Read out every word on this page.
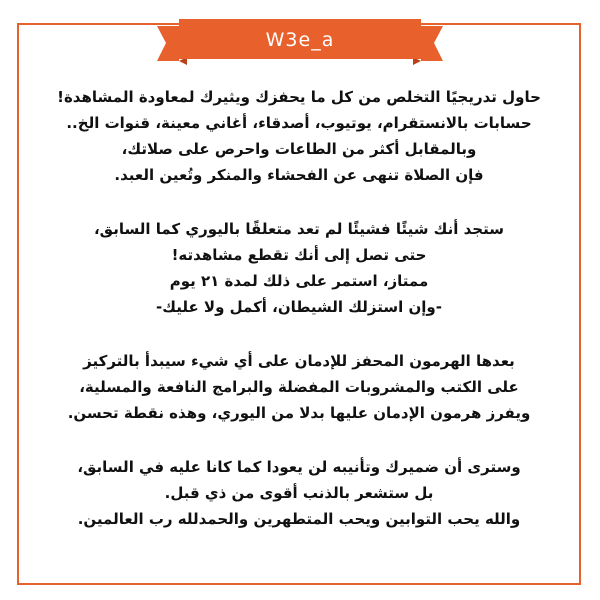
W3e_a
حاول تدريجيًا التخلص من كل ما يحفزك ويثيرك لمعاودة المشاهدة!
حسابات بالانستقرام، يوتيوب، أصدقاء، أغاني معينة، قنوات الخ..
وبالمقابل أكثر من الطاعات واحرص على صلاتك،
فإن الصلاة تنهى عن الفحشاء والمنكر وتُعين العبد.
ستجد أنك شيئًا فشيئًا لم تعد متعلقًا باليوري كما السابق،
حتى تصل إلى أنك تقطع مشاهدته!
ممتاز، استمر على ذلك لمدة ٢١ يوم
-وإن استزلك الشيطان، أكمل ولا عليك-
بعدها الهرمون المحفز للإدمان على أي شيء سيبدأ بالتركيز
على الكتب والمشروبات المفضلة والبرامج النافعة والمسلية،
ويفرز هرمون الإدمان عليها بدلا من اليوري، وهذه نقطة تحسن.
وسترى أن ضميرك وتأنيبه لن يعودا كما كانا عليه في السابق،
بل ستشعر بالذنب أقوى من ذي قبل.
والله يحب التوابين ويحب المتطهرين والحمدلله رب العالمين.
